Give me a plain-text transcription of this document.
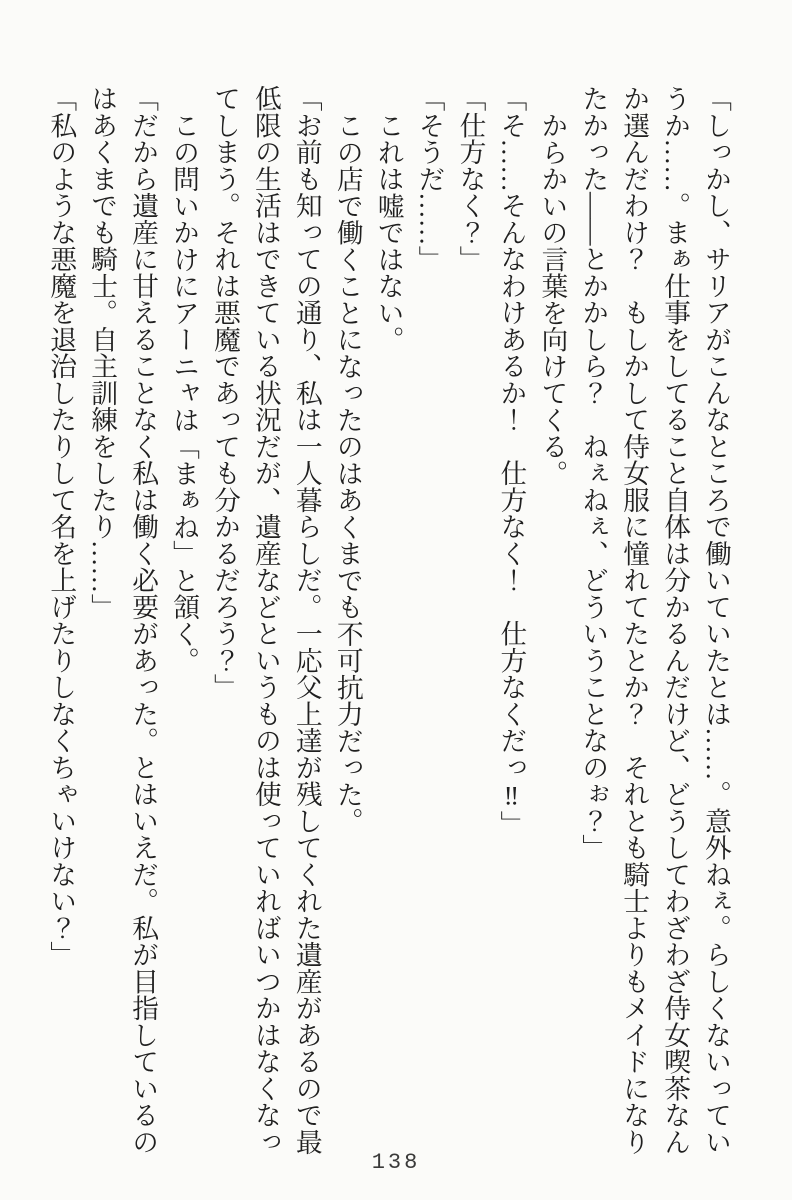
「しっかし、サリアがこんなところで働いていたとは……。意外ねぇ。らしくないっていうか……。まぁ仕事をしてること自体は分かるんだけど、どうしてわざわざ侍女喫茶なんか選んだわけ？　もしかして侍女服に憧れてたとか？　それとも騎士よりもメイドになりたかった――とかかしら？　ねぇねぇ、どういうことなのぉ？」

からかいの言葉を向けてくる。

「そ……そんなわけあるか！　仕方なく！　仕方なくだっ‼」

「仕方なく？」

「そうだ……」

これは嘘ではない。

この店で働くことになったのはあくまでも不可抗力だった。

「お前も知っての通り、私は一人暮らしだ。一応父上達が残してくれた遺産があるので最低限の生活はできている状況だが、遺産などというものは使っていればいつかはなくなってしまう。それは悪魔であっても分かるだろう？」

この問いかけにアーニャは「まぁね」と頷く。

「だから遺産に甘えることなく私は働く必要があった。とはいえだ。私が目指しているのはあくまでも騎士。自主訓練をしたり……」

「私のような悪魔を退治したりして名を上げたりしなくちゃいけない？」

138
